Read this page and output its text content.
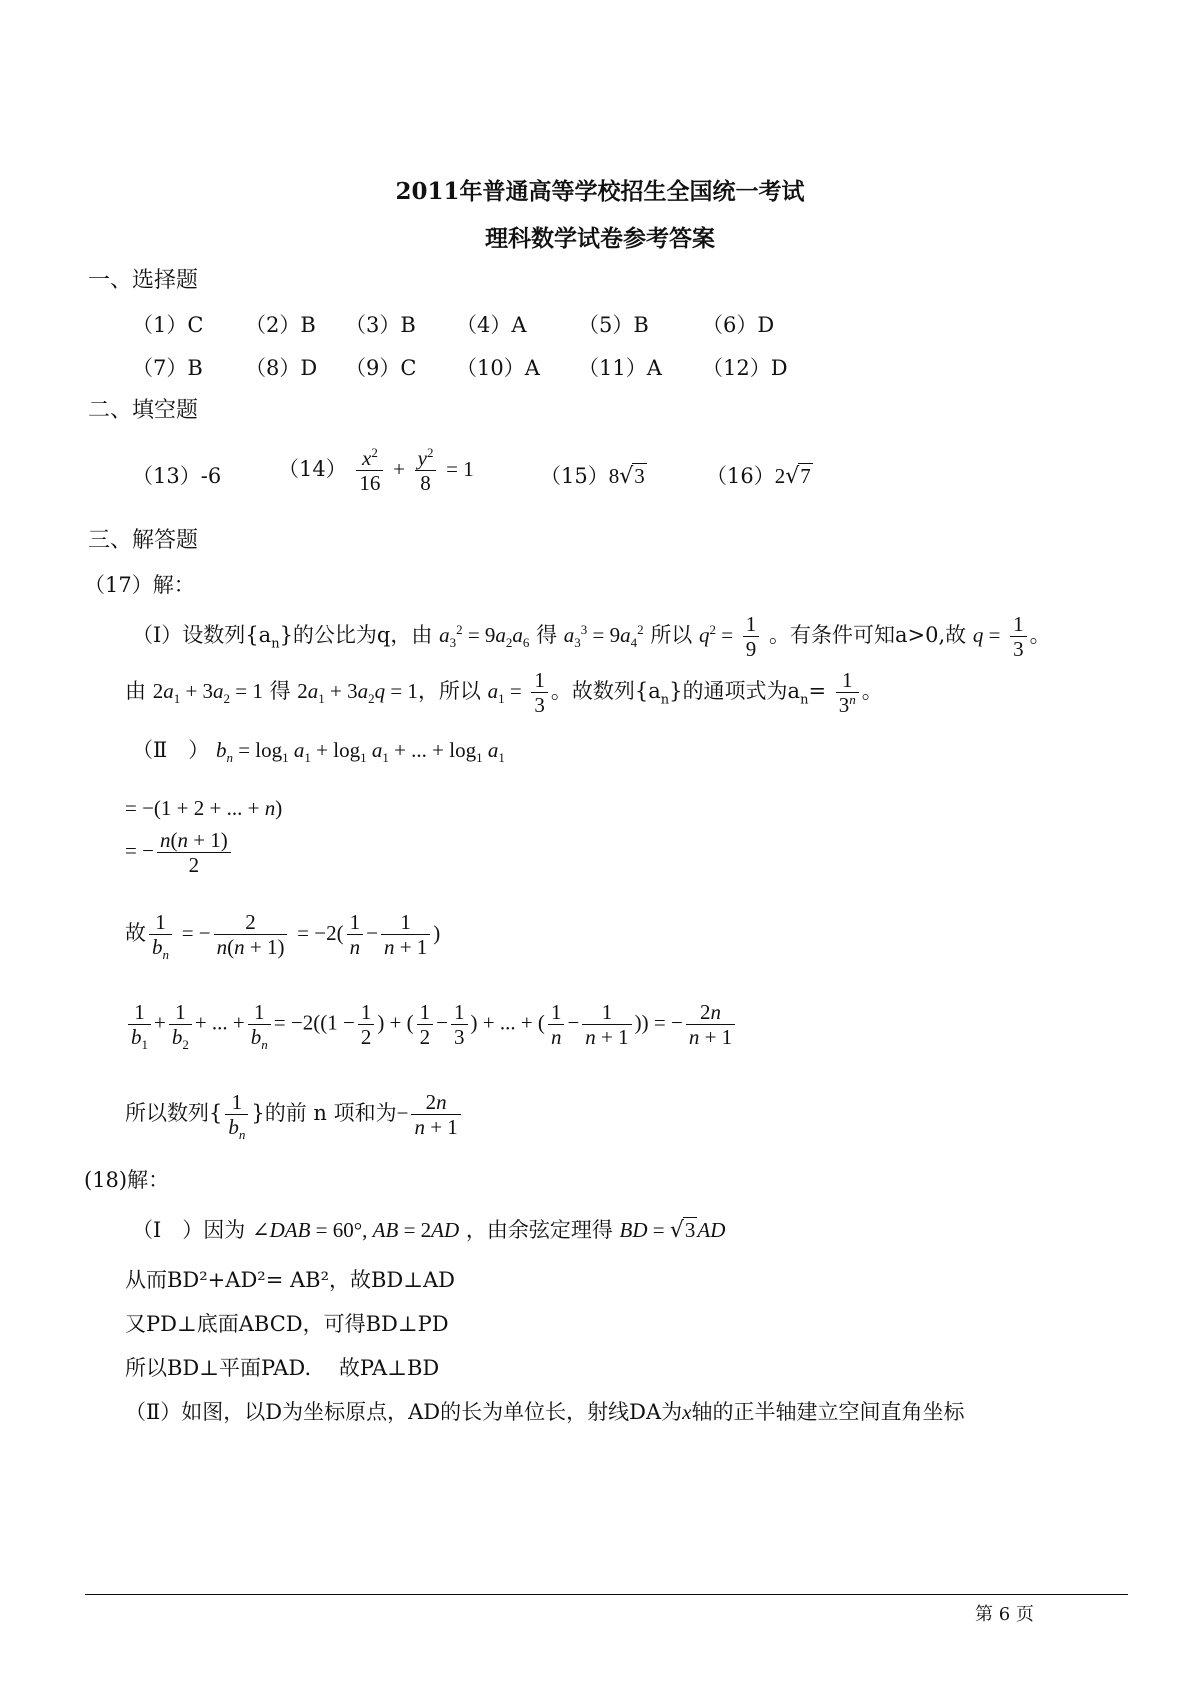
2011年普通高等学校招生全国统一考试
理科数学试卷参考答案
一、选择题
（1）C （2）B （3）B （4）A （5）B	（6）D
（7）B （8）D （9）C （10）A （11）A （12）D
二、填空题
（13）-6	$(14) \frac{x^2}{16} + \frac{y^2}{8} = 1$	（15）8√3	（16）2√7
三、解答题
（17）解：
（Ⅰ）设数列$\{a_n\}$的公比为q，由 $a_3^2 = 9a_2a_6$ 得 $a_3^3 = 9a_4^2$ 所以 $q^2 = \frac{1}{9}$ 。有条件可知a>0,故 $q = \frac{1}{3}$ 。
由 $2a_1 + 3a_2 = 1$ 得 $2a_1 + 3a_2q = 1$，所以 $a_1 = \frac{1}{3}$ 。故数列$\{a_n\}$的通项式为$a_n= \frac{1}{3^n}$ 。
（Ⅱ　） $b_n = \log_1 a_1 + \log_1 a_1$ + ... + $\log_1 a_1$
= −(1 + 2 + ... + n)
= − $\frac{n(n + 1)}{2}$
故 $\frac{1}{b_n}$ = − $\frac{2}{n(n + 1)} = -2( \frac{1}{n} - \frac{1}{n + 1}$ )
$\frac{1}{b_1} + \frac{1}{b_2}$ + ... + $\frac{1}{b_n} = -2((1 - \frac{1}{2}$ ) + ( $\frac{1}{2} - \frac{1}{3}$ ) + ... + ( $\frac{1}{n} - \frac{1}{n + 1}$ )) = − $\frac{2n}{n + 1}$
所以数列{ $\frac{1}{b_n}$ }的前 n 项和为− $\frac{2n}{n + 1}$
(18)解：
（Ⅰ　）因为 ∠DAB = 60°, AB = 2AD ，由余弦定理得 BD = √3AD
从而BD²+AD²= AB²，故BD⊥AD
又PD⊥底面ABCD，可得BD⊥PD
所以BD⊥平面PAD.　 故PA⊥BD
（Ⅱ）如图，以D为坐标原点，AD的长为单位长，射线DA为x轴的正半轴建立空间直角坐标
第 6 页
